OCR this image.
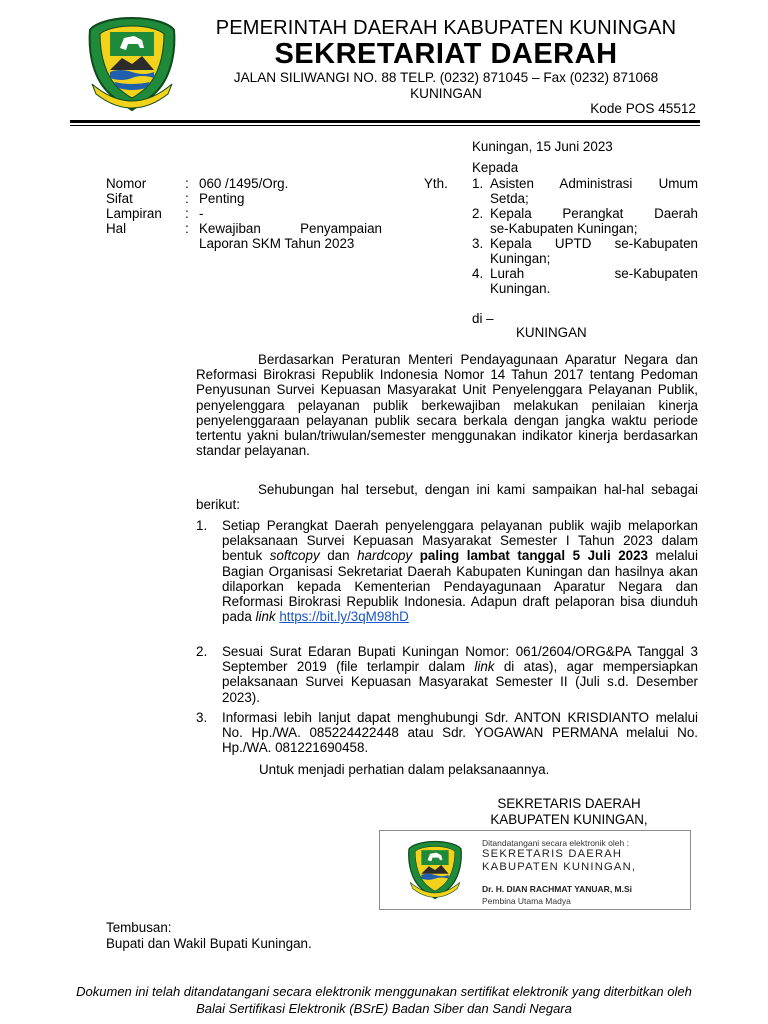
PEMERINTAH DAERAH KABUPATEN KUNINGAN
SEKRETARIAT DAERAH
JALAN SILIWANGI NO. 88 TELP. (0232) 871045 – Fax (0232) 871068
KUNINGAN
Kode POS 45512
Kuningan, 15 Juni 2023
Kepada
Nomor	: 060 /1495/Org.
Sifat	: Penting
Lampiran : -
Hal	: Kewajiban Penyampaian
Laporan SKM Tahun 2023
Yth. 1. Asisten Administrasi Umum
Setda;
2. Kepala Perangkat Daerah
se-Kabupaten Kuningan;
3. Kepala UPTD se-Kabupaten
Kuningan;
4. Lurah se-Kabupaten
Kuningan.
di –
KUNINGAN
Berdasarkan Peraturan Menteri Pendayagunaan Aparatur Negara dan Reformasi Birokrasi Republik Indonesia Nomor 14 Tahun 2017 tentang Pedoman Penyusunan Survei Kepuasan Masyarakat Unit Penyelenggara Pelayanan Publik, penyelenggara pelayanan publik berkewajiban melakukan penilaian kinerja penyelenggaraan pelayanan publik secara berkala dengan jangka waktu periode tertentu yakni bulan/triwulan/semester menggunakan indikator kinerja berdasarkan standar pelayanan.
Sehubungan hal tersebut, dengan ini kami sampaikan hal-hal sebagai berikut:
1. Setiap Perangkat Daerah penyelenggara pelayanan publik wajib melaporkan pelaksanaan Survei Kepuasan Masyarakat Semester I Tahun 2023 dalam bentuk softcopy dan hardcopy paling lambat tanggal 5 Juli 2023 melalui Bagian Organisasi Sekretariat Daerah Kabupaten Kuningan dan hasilnya akan dilaporkan kepada Kementerian Pendayagunaan Aparatur Negara dan Reformasi Birokrasi Republik Indonesia. Adapun draft pelaporan bisa diunduh pada link https://bit.ly/3qM98hD
2. Sesuai Surat Edaran Bupati Kuningan Nomor: 061/2604/ORG&PA Tanggal 3 September 2019 (file terlampir dalam link di atas), agar mempersiapkan pelaksanaan Survei Kepuasan Masyarakat Semester II (Juli s.d. Desember 2023).
3. Informasi lebih lanjut dapat menghubungi Sdr. ANTON KRISDIANTO melalui No. Hp./WA. 085224422448 atau Sdr. YOGAWAN PERMANA melalui No. Hp./WA. 081221690458.
Untuk menjadi perhatian dalam pelaksanaannya.
SEKRETARIS DAERAH
KABUPATEN KUNINGAN,
Ditandatangani secara elektronik oleh :
SEKRETARIS DAERAH
KABUPATEN KUNINGAN,
Dr. H. DIAN RACHMAT YANUAR, M.Si
Pembina Utama Madya
Tembusan:
Bupati dan Wakil Bupati Kuningan.
Dokumen ini telah ditandatangani secara elektronik menggunakan sertifikat elektronik yang diterbitkan oleh
Balai Sertifikasi Elektronik (BSrE) Badan Siber dan Sandi Negara
